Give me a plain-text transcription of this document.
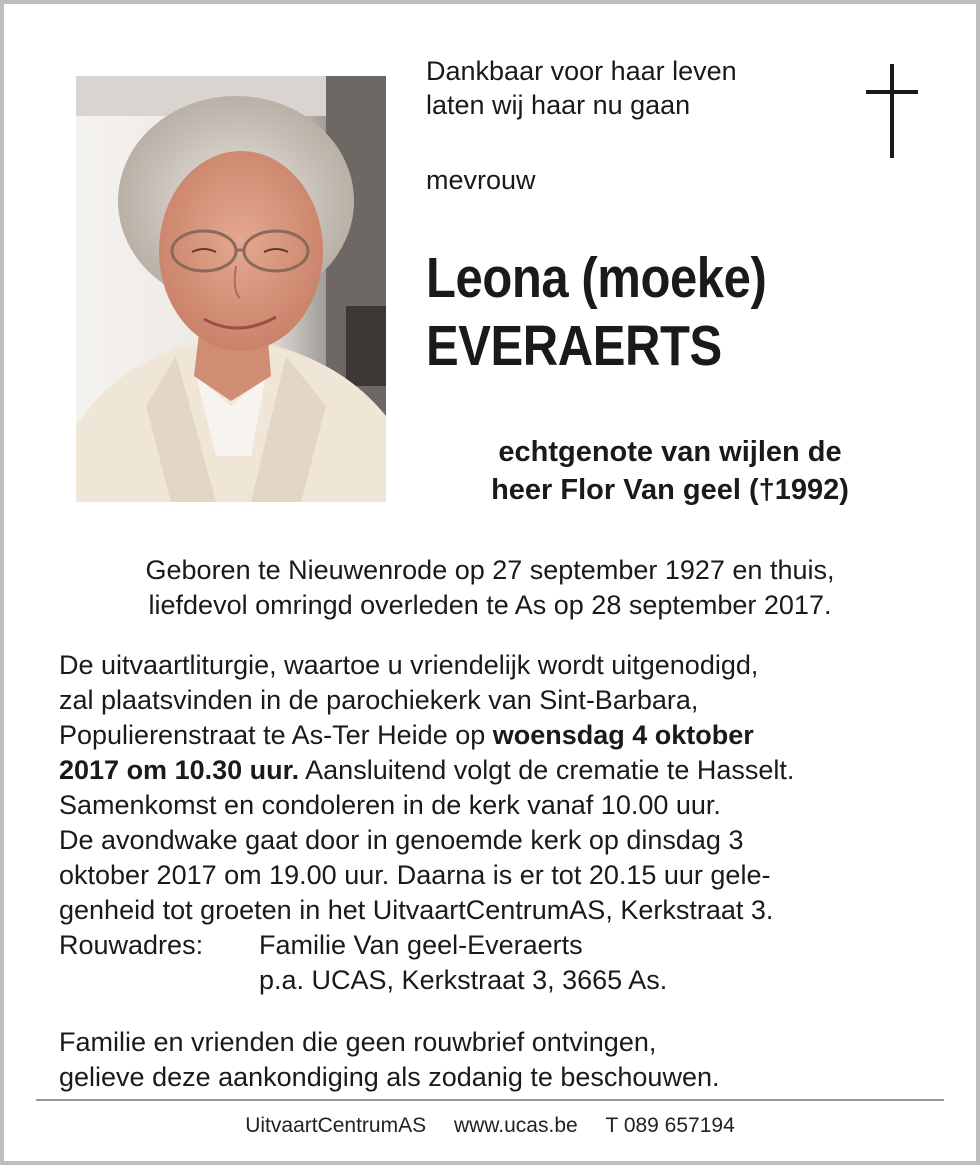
Dankbaar voor haar leven
laten wij haar nu gaan
mevrouw
Leona (moeke)
EVERAERTS
echtgenote van wijlen de
heer Flor Van geel (†1992)
Geboren te Nieuwenrode op 27 september 1927 en thuis,
liefdevol omringd overleden te As op 28 september 2017.
De uitvaartliturgie, waartoe u vriendelijk wordt uitgenodigd,
zal plaatsvinden in de parochiekerk van Sint-Barbara,
Populierenstraat te As-Ter Heide op woensdag 4 oktober
2017 om 10.30 uur. Aansluitend volgt de crematie te Hasselt.
Samenkomst en condoleren in de kerk vanaf 10.00 uur.
De avondwake gaat door in genoemde kerk op dinsdag 3
oktober 2017 om 19.00 uur. Daarna is er tot 20.15 uur gele-
genheid tot groeten in het UitvaartCentrumAS, Kerkstraat 3.
Rouwadres: Familie Van geel-Everaerts
p.a. UCAS, Kerkstraat 3, 3665 As.
Familie en vrienden die geen rouwbrief ontvingen,
gelieve deze aankondiging als zodanig te beschouwen.
UitvaartCentrumAS www.ucas.be T 089 657194
